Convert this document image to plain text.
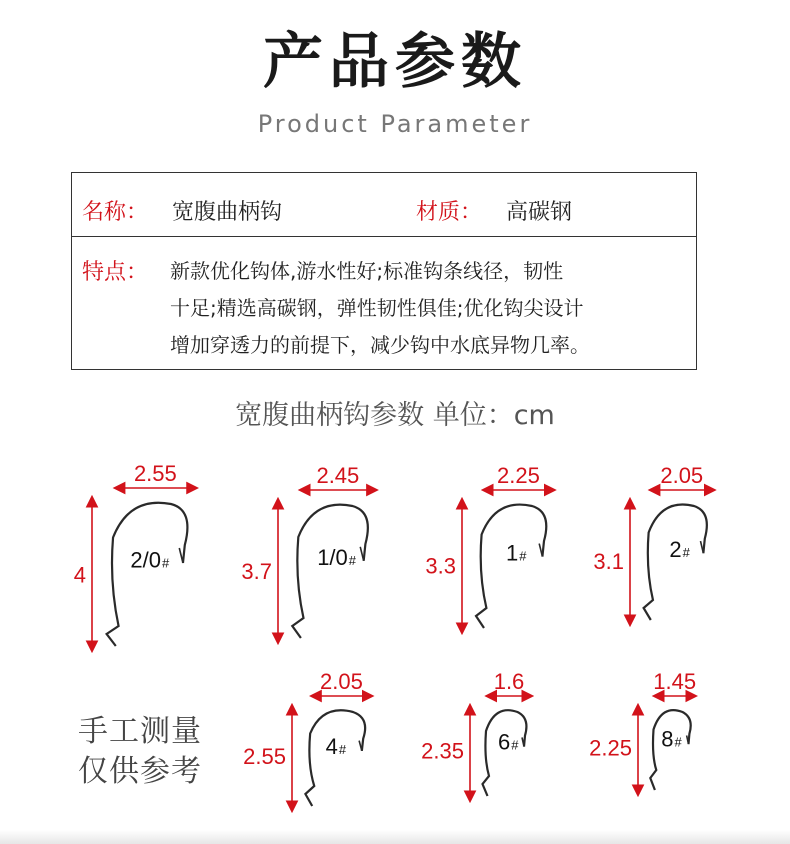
产品参数
Product Parameter
名称： 宽腹曲柄钩	材质： 高碳钢
特点： 新款优化钩体,游水性好;标准钩条线径，韧性
十足;精选高碳钢，弹性韧性俱佳;优化钩尖设计
增加穿透力的前提下，减少钩中水底异物几率。
宽腹曲柄钩参数 单位：cm
2.55
4
2/0#
2.45
3.7
1/0#
2.25
3.3
1#
2.05
3.1 2#
2.05
2.55 4#
1.6
2.35 6#
1.45
2.25 8#
手工测量
仅供参考
